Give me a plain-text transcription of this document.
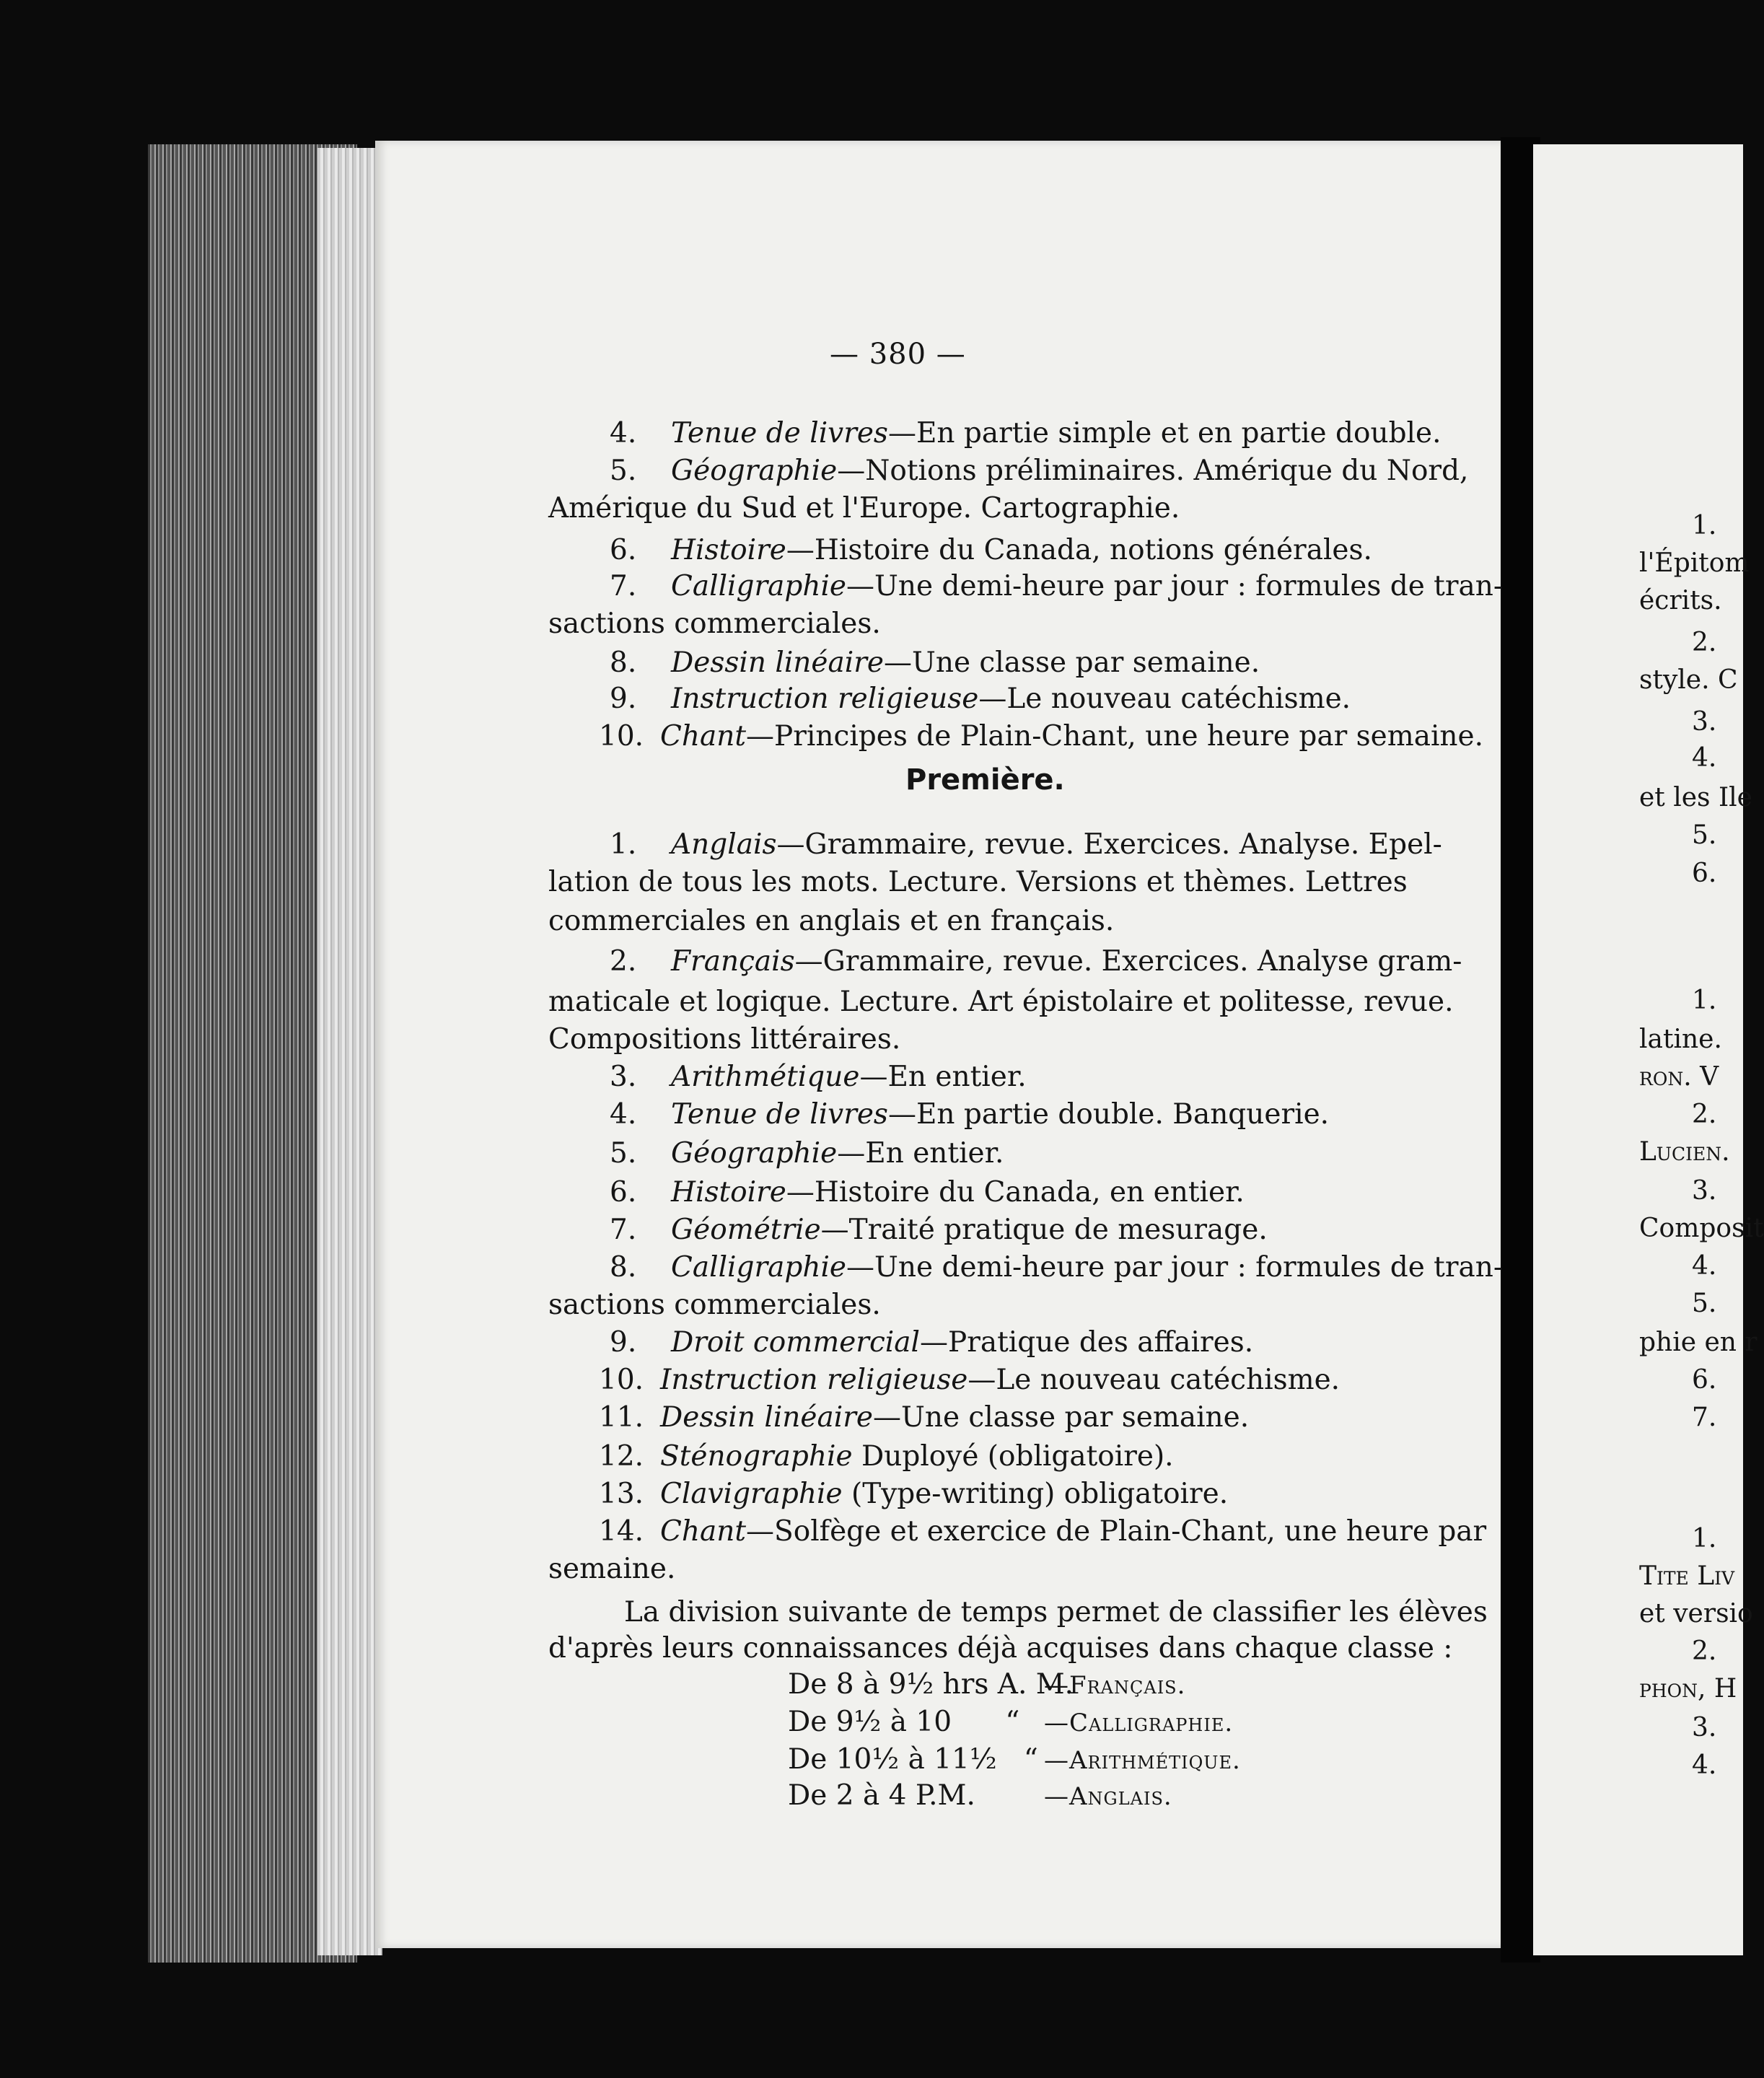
— 380 —
Première.
4. Tenue de livres—En partie simple et en partie double.
5. Géographie—Notions préliminaires. Amérique du Nord,
Amérique du Sud et l'Europe. Cartographie.
6. Histoire—Histoire du Canada, notions générales.
7. Calligraphie—Une demi-heure par jour : formules de tran-
sactions commerciales.
8. Dessin linéaire—Une classe par semaine.
9. Instruction religieuse—Le nouveau catéchisme.
10. Chant—Principes de Plain-Chant, une heure par semaine.
1. Anglais—Grammaire, revue. Exercices. Analyse. Epel-
lation de tous les mots. Lecture. Versions et thèmes. Lettres
commerciales en anglais et en français.
2. Français—Grammaire, revue. Exercices. Analyse gram-
maticale et logique. Lecture. Art épistolaire et politesse, revue.
Compositions littéraires.
3. Arithmétique—En entier.
4. Tenue de livres—En partie double. Banquerie.
5. Géographie—En entier.
6. Histoire—Histoire du Canada, en entier.
7. Géométrie—Traité pratique de mesurage.
8. Calligraphie—Une demi-heure par jour : formules de tran-
sactions commerciales.
9. Droit commercial—Pratique des affaires.
10. Instruction religieuse—Le nouveau catéchisme.
11. Dessin linéaire—Une classe par semaine.
12. Sténographie Duployé (obligatoire).
13. Clavigraphie (Type-writing) obligatoire.
14. Chant—Solfège et exercice de Plain-Chant, une heure par
semaine.
La division suivante de temps permet de classifier les élèves
d'après leurs connaissances déjà acquises dans chaque classe :
De 8 à 9½ hrs A. M.—Français.
De 9½ à 10      “ —Calligraphie.
De 10½ à 11½   “ —Arithmétique.
De 2 à 4 P.M.	—Anglais.
1.
l'Épitom
écrits.
2.
style. C
3.
4.
et les Ile
5.
6.
1.
latine.
ron. V
2.
Lucien.
3.
Composit
4.
5.
phie en r
6.
7.
1.
Tite Liv
et versio
2.
phon, H
3.
4.
